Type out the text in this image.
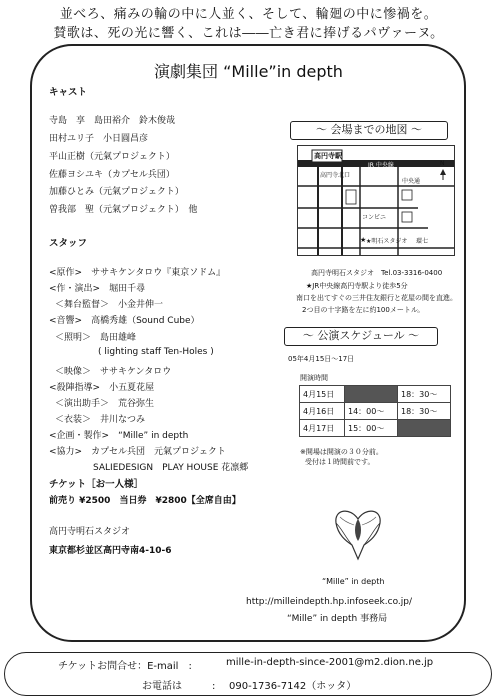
並べろ、痛みの輪の中に人並く、そして、輪廻の中に惨禍を。
賛歌は、死の光に響く、これは――亡き君に捧げるパヴァーヌ。
演劇集団 “Mille”in depth
キャスト
寺島　享　島田裕介　鈴木俊哉
田村ユリ子　小日圓昌彦
平山正樹（元氣プロジェクト）
佐藤ヨシユキ（カプセル兵団）
加藤ひとみ（元氣プロジェクト）
曽我部　聖（元氣プロジェクト）　他
スタッフ
<原作>　ササキケンタロウ『東京ソドム』
<作・演出>　堀田千尋
＜舞台監督＞　小金井伸一
<音響>　高橋秀雄（Sound Cube）
＜照明＞　島田雄峰
( lighting staff Ten-Holes )
＜映像＞　ササキケンタロウ
<殺陣指導>　小五夏花屋
＜演出助手＞　荒谷弥生
＜衣装＞　井川なつみ
<企画・製作>　“Mille” in depth
<協力>　カプセル兵団　元氣プロジェクト
SALIEDESIGN　PLAY HOUSE 花凛郷
チケット［お一人様］
前売り ¥2500　当日券　¥2800【全席自由】
高円寺明石スタジオ
東京都杉並区高円寺南4-10-6
～ 会場までの地図 ～
★
高円寺駅
JR 中央線
コンビニ
高円寺北口
中央通
環七
★明石スタジオ
N
高円寺明石スタジオ　Tel.03-3316-0400
★JR中央線高円寺駅より徒歩5分
南口を出てすぐの三井住友銀行と花屋の間を直進。
2つ目の十字路を左に約100メートル。
～ 公演スケジュール ～
05年4月15日～17日
開演時間
4月15日		18：30～
4月16日	14：00～	18：30～
4月17日	15：00～	
※開場は開演の３０分前。
受付は１時間前です。
“Mille” in depth
http://milleindepth.hp.infoseek.co.jp/
“Mille” in depth 事務局
チケットお問合せ：E-mail　:	mille-in-depth-since-2001@m2.dion.ne.jp
お電話は　　　: 090-1736-7142（ホッタ）
